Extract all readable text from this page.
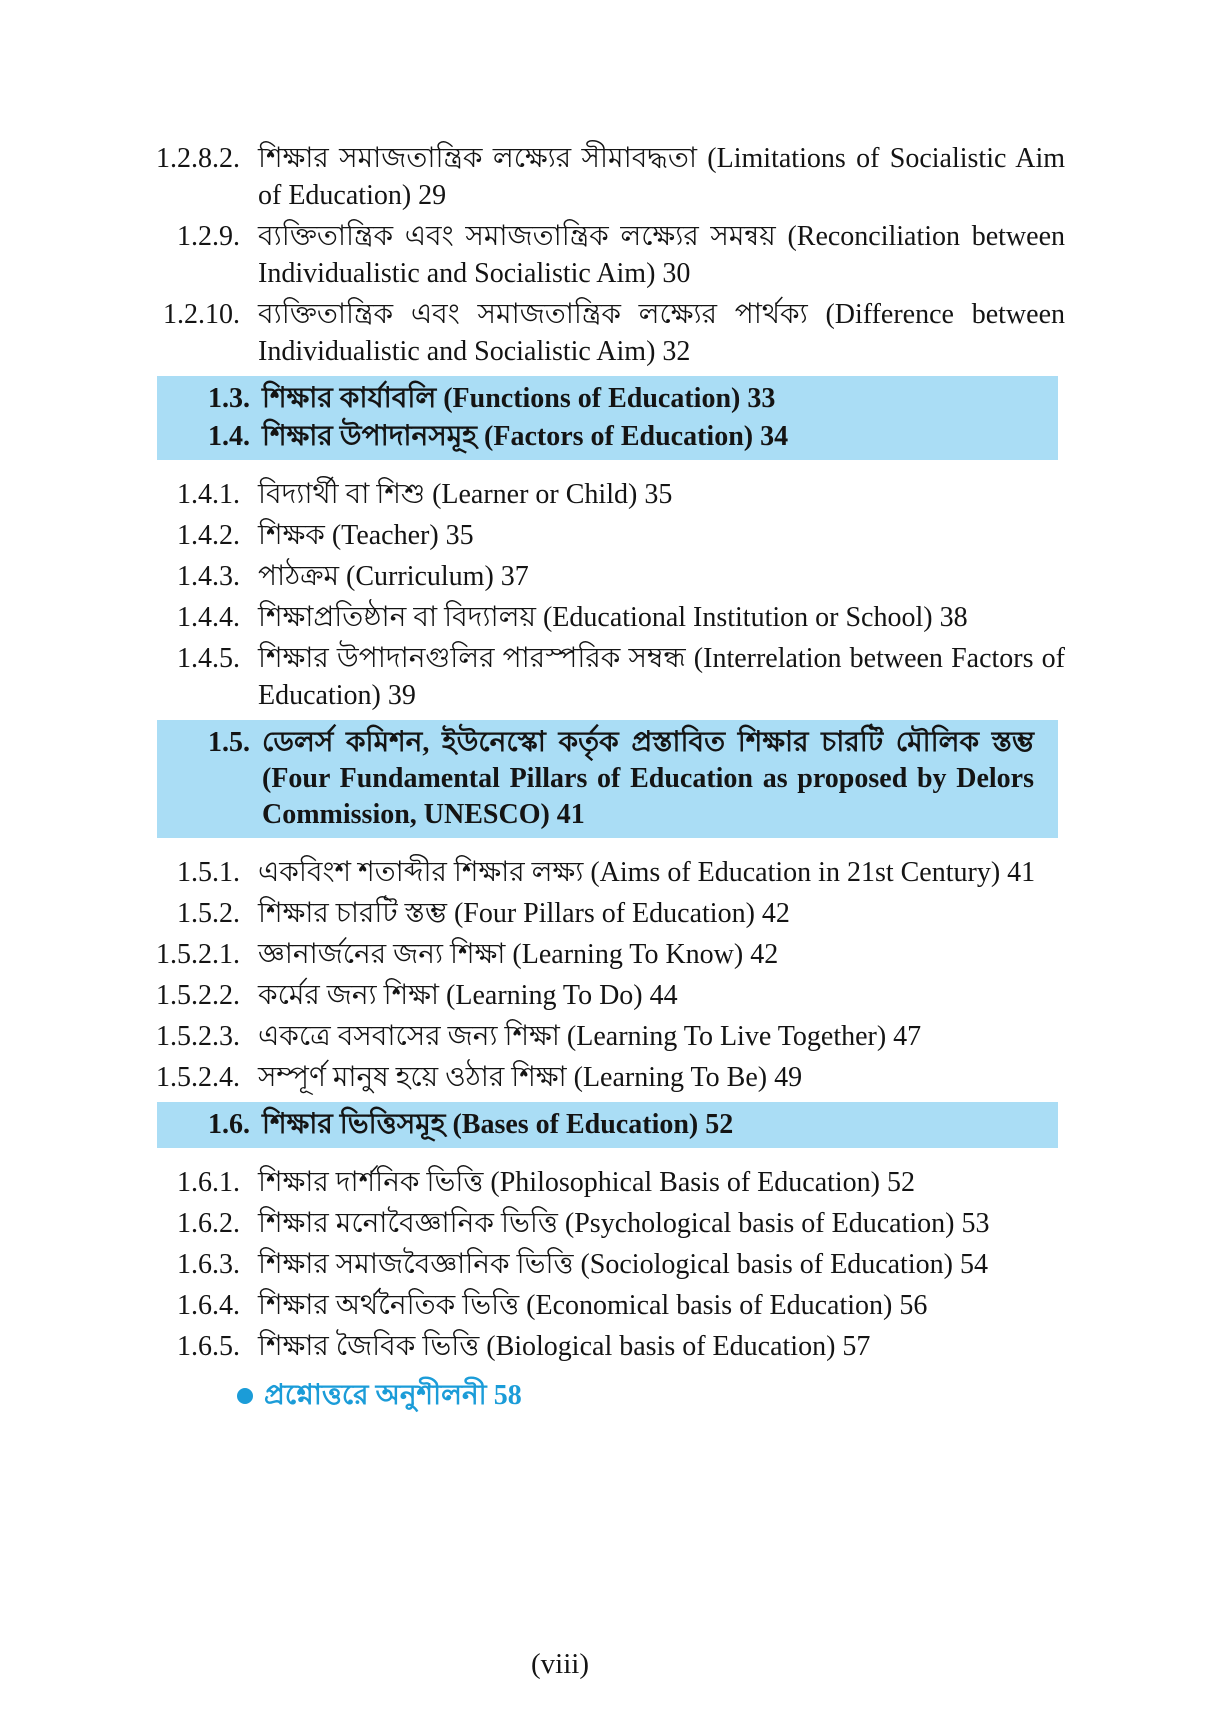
1.2.8.2. শিক্ষার সমাজতান্ত্রিক লক্ষ্যের সীমাবদ্ধতা (Limitations of Socialistic Aim of Education) 29
1.2.9. ব্যক্তিতান্ত্রিক এবং সমাজতান্ত্রিক লক্ষ্যের সমন্বয় (Reconciliation between Individualistic and Socialistic Aim) 30
1.2.10. ব্যক্তিতান্ত্রিক এবং সমাজতান্ত্রিক লক্ষ্যের পার্থক্য (Difference between Individualistic and Socialistic Aim) 32
1.3. শিক্ষার কার্যাবলি (Functions of Education) 33
1.4. শিক্ষার উপাদানসমূহ (Factors of Education) 34
1.4.1. বিদ্যার্থী বা শিশু (Learner or Child) 35
1.4.2. শিক্ষক (Teacher) 35
1.4.3. পাঠক্রম (Curriculum) 37
1.4.4. শিক্ষাপ্রতিষ্ঠান বা বিদ্যালয় (Educational Institution or School) 38
1.4.5. শিক্ষার উপাদানগুলির পারস্পরিক সম্বন্ধ (Interrelation between Factors of Education) 39
1.5. ডেলর্স কমিশন, ইউনেস্কো কর্তৃক প্রস্তাবিত শিক্ষার চারটি মৌলিক স্তম্ভ (Four Fundamental Pillars of Education as proposed by Delors Commission, UNESCO) 41
1.5.1. একবিংশ শতাব্দীর শিক্ষার লক্ষ্য (Aims of Education in 21st Century) 41
1.5.2. শিক্ষার চারটি স্তম্ভ (Four Pillars of Education) 42
1.5.2.1. জ্ঞানার্জনের জন্য শিক্ষা (Learning To Know) 42
1.5.2.2. কর্মের জন্য শিক্ষা (Learning To Do) 44
1.5.2.3. একত্রে বসবাসের জন্য শিক্ষা (Learning To Live Together) 47
1.5.2.4. সম্পূর্ণ মানুষ হয়ে ওঠার শিক্ষা (Learning To Be) 49
1.6. শিক্ষার ভিত্তিসমূহ (Bases of Education) 52
1.6.1. শিক্ষার দার্শনিক ভিত্তি (Philosophical Basis of Education) 52
1.6.2. শিক্ষার মনোবৈজ্ঞানিক ভিত্তি (Psychological basis of Education) 53
1.6.3. শিক্ষার সমাজবৈজ্ঞানিক ভিত্তি (Sociological basis of Education) 54
1.6.4. শিক্ষার অর্থনৈতিক ভিত্তি (Economical basis of Education) 56
1.6.5. শিক্ষার জৈবিক ভিত্তি (Biological basis of Education) 57
প্রশ্নোত্তরে অনুশীলনী 58
(viii)
